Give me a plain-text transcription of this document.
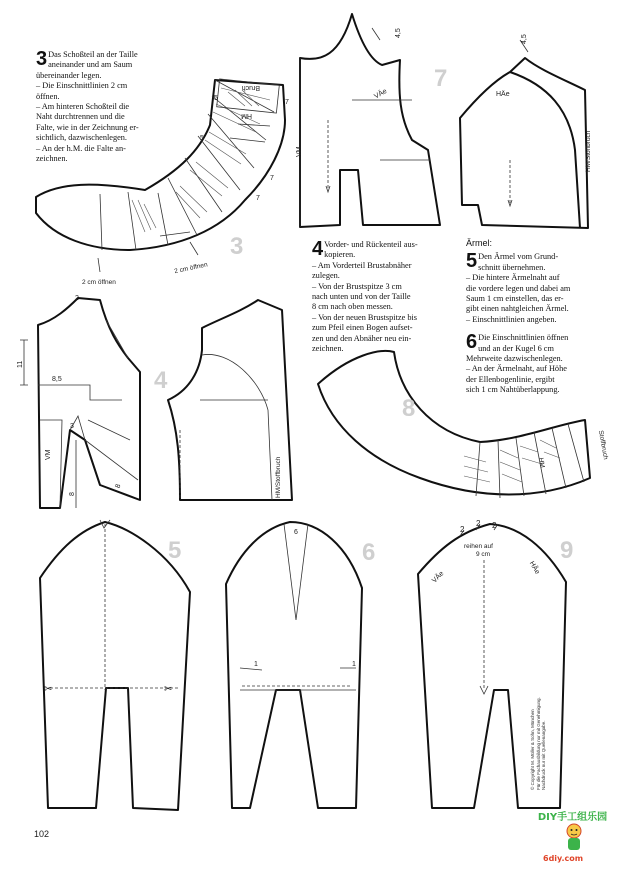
Bruch
HM
2 cm öffnen
2 cm öffnen
5
5
7
7
7
3
4,5
4,5
VÄe	HÄe
VM	HM/Stoffbruch
7
2
11
8,5
3
8
8
VM
HM/Stoffbruch
4
Stoffbruch
HM
8
✂	✂
5
6
1	1
6
2
2 2
reihen auf
9 cm
VÄe
HÄe
9
3 Das Schoßteil an der Taille

aneinander und am Saum

übereinander legen.

– Die Einschnittlinien 2 cm

öffnen.

– Am hinteren Schoßteil die

Naht durchtrennen und die

Falte, wie in der Zeichnung er-

sichtlich, dazwischenlegen.

– An der h.M. die Falte an-

zeichnen.

4 Vorder- und Rückenteil aus-

kopieren.

– Am Vorderteil Brustabnäher

zulegen.

– Von der Brustspitze 3 cm

nach unten und von der Taille

8 cm nach oben messen.

– Von der neuen Brustspitze bis

zum Pfeil einen Bogen aufset-

zen und den Abnäher neu ein-

zeichnen.

Ärmel:

5 Den Ärmel vom Grund-

schnitt übernehmen.

– Die hintere Ärmelnaht auf

die vordere legen und dabei am

Saum 1 cm einstellen, das er-

gibt einen nahtgleichen Ärmel.

– Einschnittlinien angeben.

6 Die Einschnittlinien öffnen

und an der Kugel 6 cm

Mehrweite dazwischenlegen.

– An der Ärmelnaht, auf Höhe

der Ellenbogenlinie, ergibt

sich 1 cm Nahtüberlappung.

102
© Copyright M. Müller & Sohn, München Für die Fachausbildung nur mit Genehmigung. Nachdruck nur mit Quellenangabe.
DIY手工组乐园
6diy.com
